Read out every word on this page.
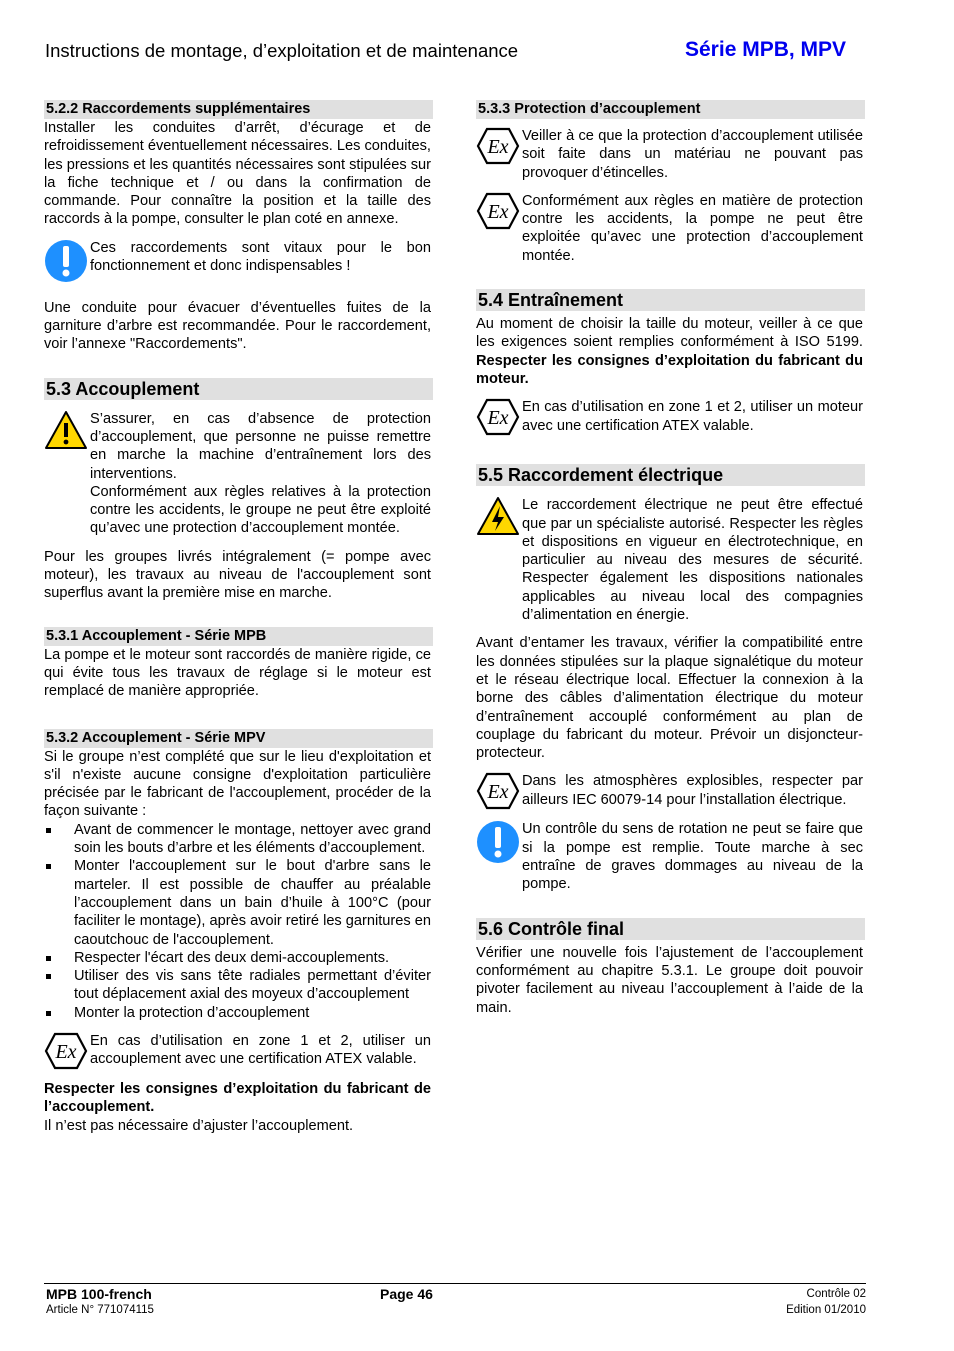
Instructions de montage, d’exploitation et de maintenance	Série MPB, MPV
5.2.2 Raccordements supplémentaires

Installer les conduites d’arrêt, d’écurage et de refroidissement éventuellement nécessaires. Les conduites, les pressions et les quantités nécessaires sont stipulées sur la fiche technique et / ou dans la confirmation de commande. Pour connaître la position et la taille des raccords à la pompe, consulter le plan coté en annexe.

Ces raccordements sont vitaux pour le bon fonctionnement et donc indispensables !

Une conduite pour évacuer d’éventuelles fuites de la garniture d’arbre est recommandée. Pour le raccordement, voir l’annexe "Raccordements".

5.3 Accouplement

S’assurer, en cas d’absence de protection d’accouplement, que personne ne puisse remettre en marche la machine d’entraînement lors des interventions.

Conformément aux règles relatives à la protection contre les accidents, le groupe ne peut être exploité qu’avec une protection d’accouplement montée.

Pour les groupes livrés intégralement (= pompe avec moteur), les travaux au niveau de l'accouplement sont superflus avant la première mise en marche.

5.3.1 Accouplement - Série MPB

La pompe et le moteur sont raccordés de manière rigide, ce qui évite tous les travaux de réglage si le moteur est remplacé de manière appropriée.

5.3.2 Accouplement - Série MPV

Si le groupe n’est complété que sur le lieu d'exploitation et s'il n'existe aucune consigne d'exploitation particulière précisée par le fabricant de l'accouplement, procéder de la façon suivante :

Avant de commencer le montage, nettoyer avec grand soin les bouts d’arbre et les éléments d’accouplement.
Monter l'accouplement sur le bout d'arbre sans le marteler. Il est possible de chauffer au préalable l’accouplement dans un bain d’huile à 100°C (pour faciliter le montage), après avoir retiré les garnitures en caoutchouc de l'accouplement.
Respecter l'écart des deux demi-accouplements.
Utiliser des vis sans tête radiales permettant d’éviter tout déplacement axial des moyeux d’accouplement
Monter la protection d’accouplement
Ex En cas d’utilisation en zone 1 et 2, utiliser un accouplement avec une certification ATEX valable.

Respecter les consignes d’exploitation du fabricant de l’accouplement.

Il n’est pas nécessaire d’ajuster l’accouplement.

5.3.3 Protection d’accouplement
Ex Veiller à ce que la protection d’accouplement utilisée soit faite dans un matériau ne pouvant pas provoquer d’étincelles.

Ex Conformément aux règles en matière de protection contre les accidents, la pompe ne peut être exploitée qu’avec une protection d’accouplement montée.

5.4 Entraînement

Au moment de choisir la taille du moteur, veiller à ce que les exigences soient remplies conformément à ISO 5199. Respecter les consignes d’exploitation du fabricant du moteur.

Ex En cas d’utilisation en zone 1 et 2, utiliser un moteur avec une certification ATEX valable.

5.5 Raccordement électrique

Le raccordement électrique ne peut être effectué que par un spécialiste autorisé. Respecter les règles et dispositions en vigueur en électrotechnique, en particulier au niveau des mesures de sécurité. Respecter également les dispositions nationales applicables au niveau local des compagnies d’alimentation en énergie.

Avant d’entamer les travaux, vérifier la compatibilité entre les données stipulées sur la plaque signalétique du moteur et le réseau électrique local. Effectuer la connexion à la borne des câbles d’alimentation électrique du moteur d’entraînement accouplé conformément au plan de couplage du fabricant du moteur. Prévoir un disjoncteur-protecteur.

Ex Dans les atmosphères explosibles, respecter par ailleurs IEC 60079-14 pour l’installation électrique.

Un contrôle du sens de rotation ne peut se faire que si la pompe est remplie. Toute marche à sec entraîne de graves dommages au niveau de la pompe.

5.6 Contrôle final

Vérifier une nouvelle fois l’ajustement de l’accouplement conformément au chapitre 5.3.1. Le groupe doit pouvoir pivoter facilement au niveau l’accouplement à l’aide de la main.

MPB 100-french
Article N° 771074115
Page 46	Contrôle 02
Edition 01/2010
